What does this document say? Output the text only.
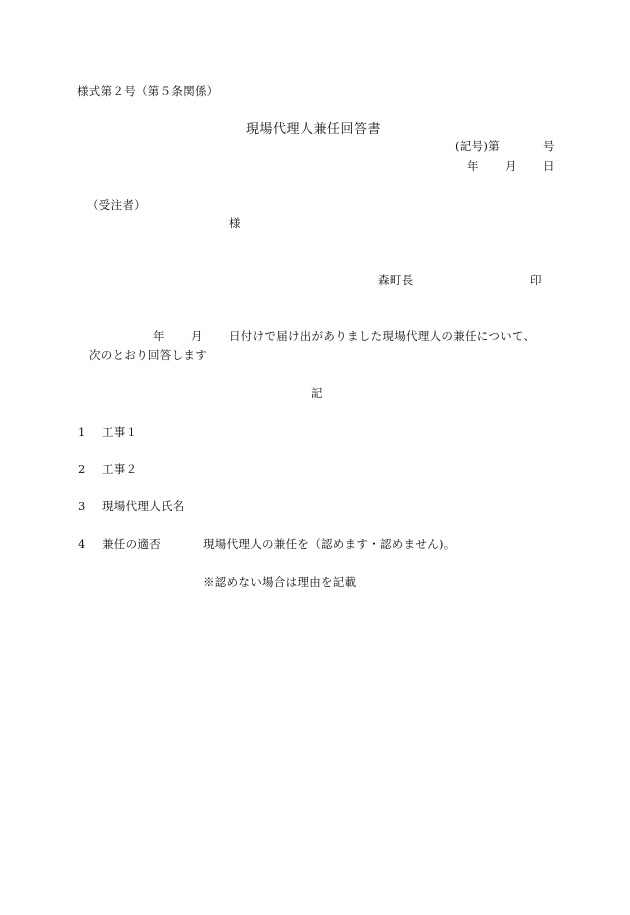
様式第２号（第５条関係）
現場代理人兼任回答書
(記号)第	号
年 月 日
（受注者）
様
森町長	印
年 月 日付けで届け出がありました現場代理人の兼任について、
次のとおり回答します
記
1 工事１
2 工事２
3 現場代理人氏名
4 兼任の適否	現場代理人の兼任を（認めます・認めません)。
※認めない場合は理由を記載
